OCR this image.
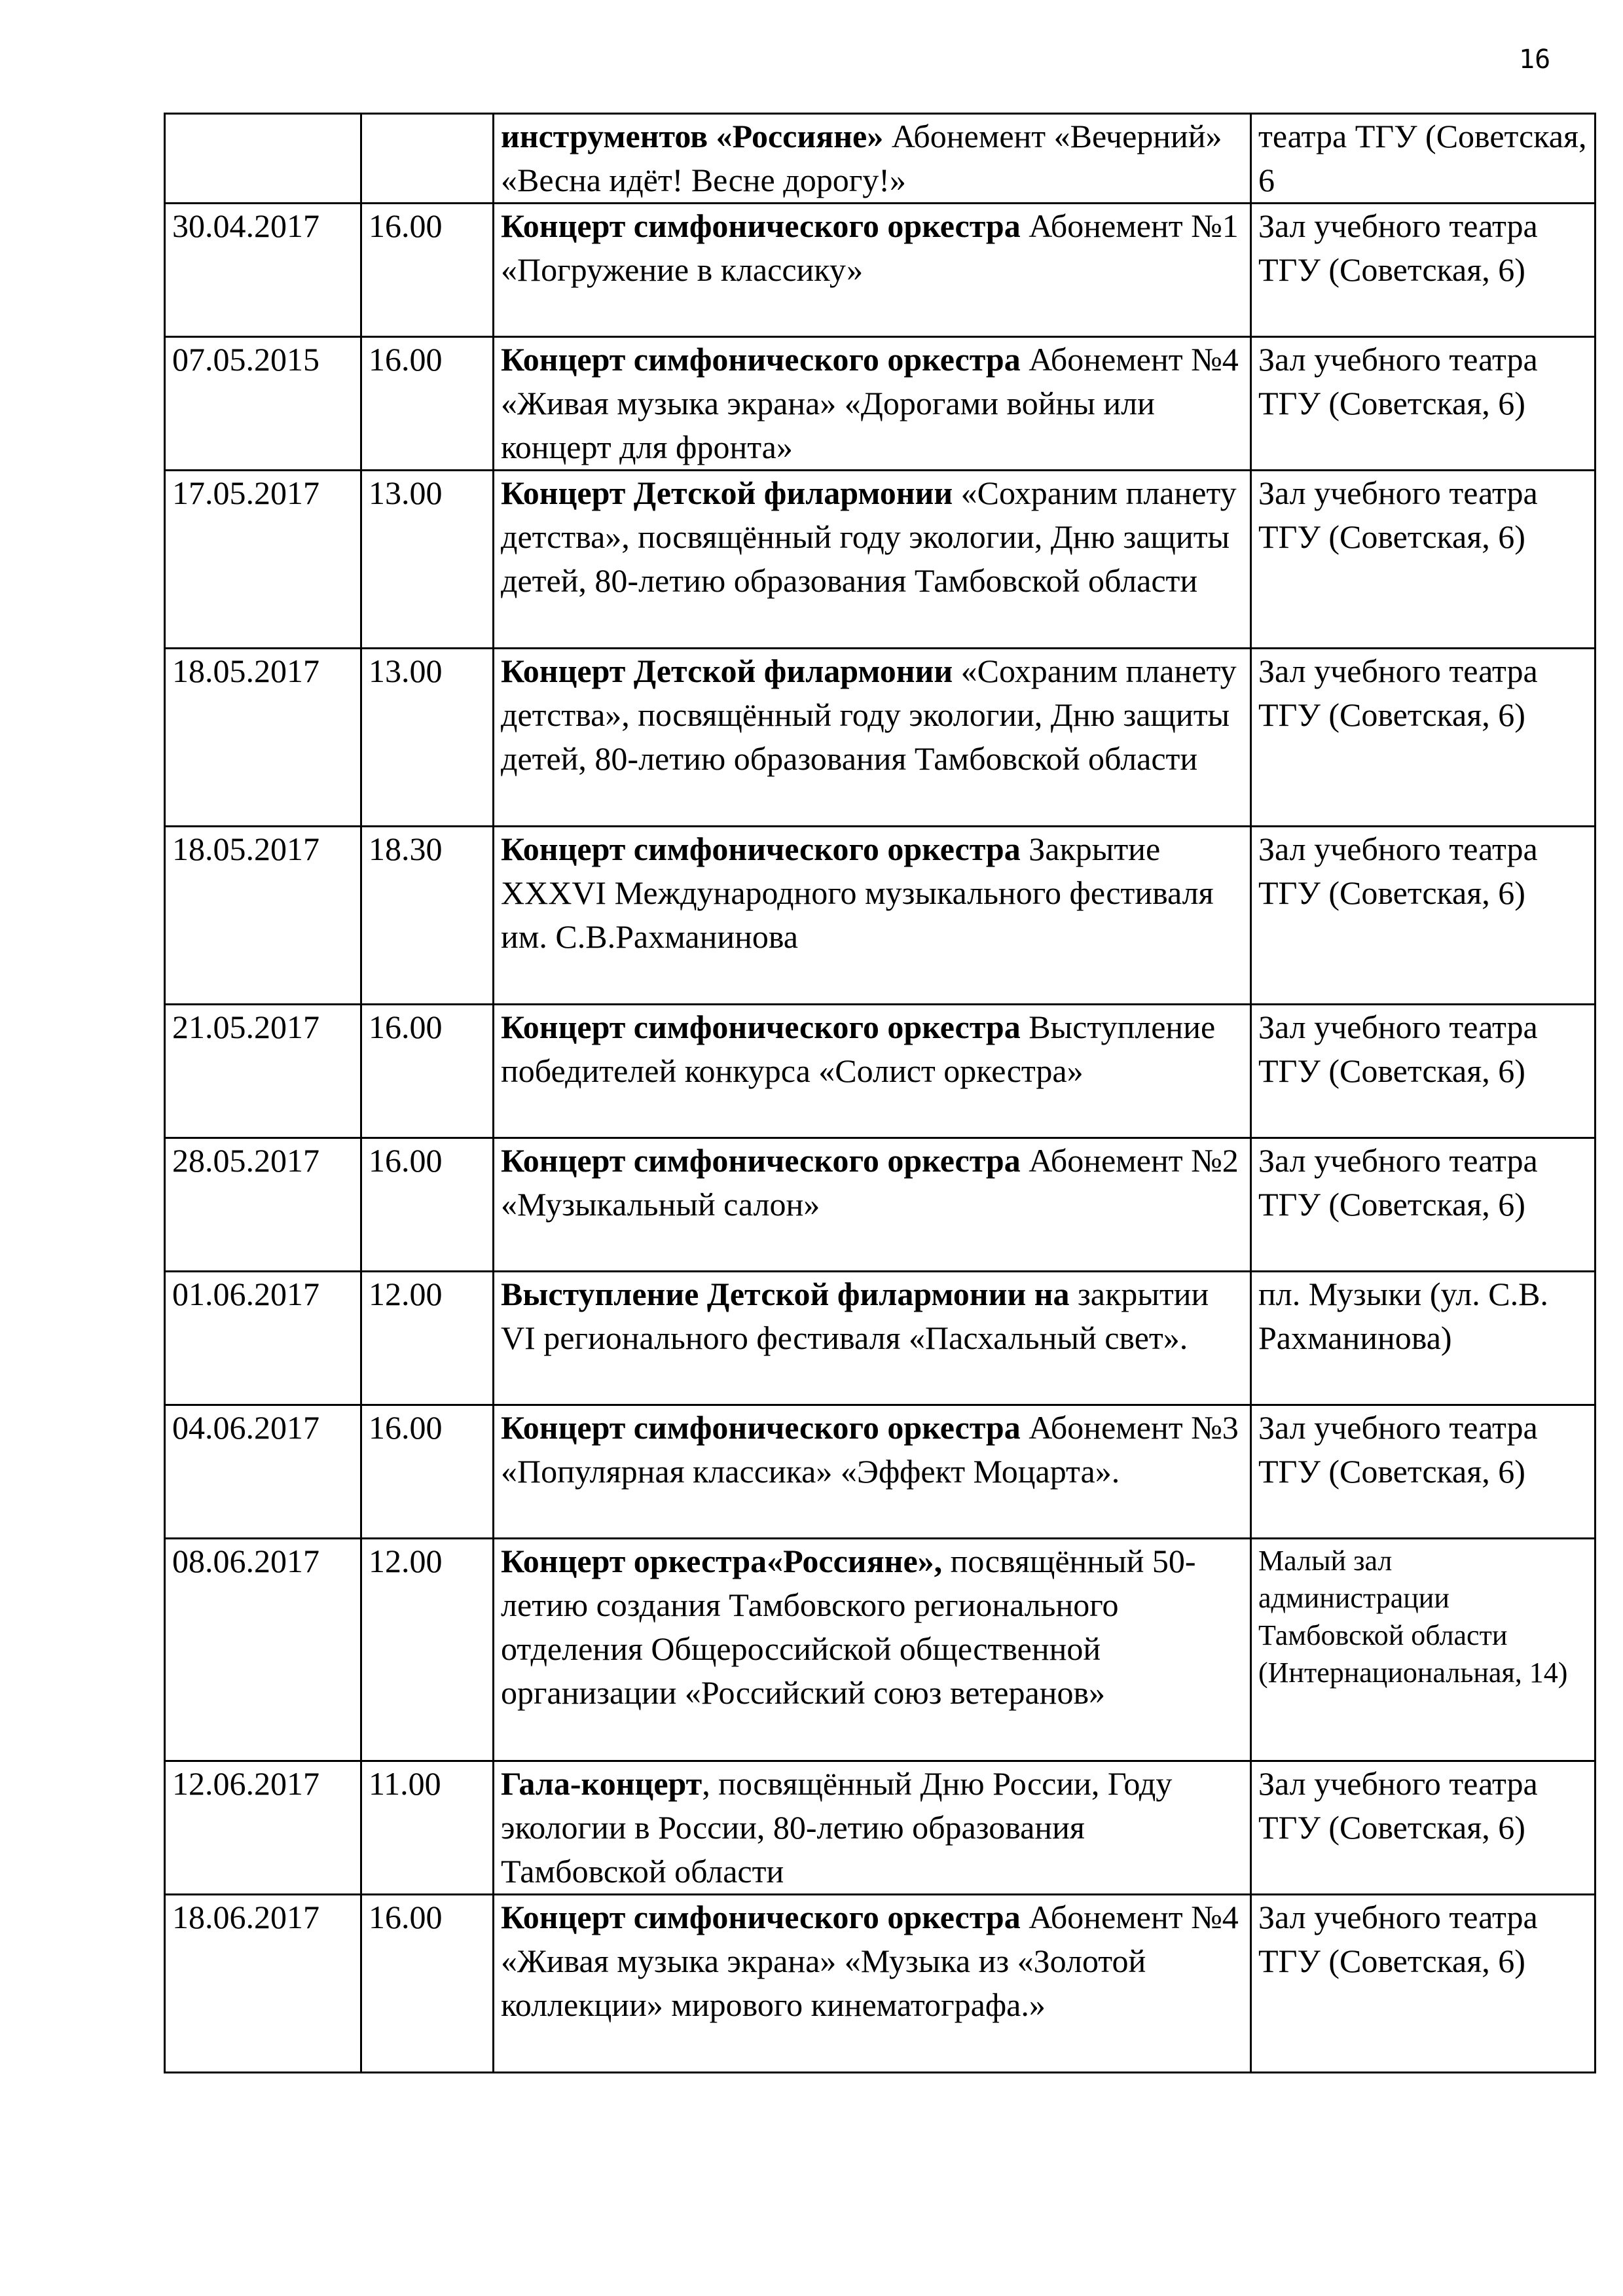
16
		инструментов «Россияне» Абонемент «Вечерний» «Весна идёт! Весне дорогу!»	театра ТГУ (Советская, 6
30.04.2017	16.00	Концерт симфонического оркестра Абонемент №1 «Погружение в классику»	Зал учебного театра ТГУ (Советская, 6)
07.05.2015	16.00	Концерт симфонического оркестра Абонемент №4 «Живая музыка экрана» «Дорогами войны или концерт для фронта»	Зал учебного театра ТГУ (Советская, 6)
17.05.2017	13.00	Концерт Детской филармонии «Сохраним планету детства», посвящённый году экологии, Дню защиты детей, 80-летию образования Тамбовской области	Зал учебного театра ТГУ (Советская, 6)
18.05.2017	13.00	Концерт Детской филармонии «Сохраним планету детства», посвящённый году экологии, Дню защиты детей, 80-летию образования Тамбовской области	Зал учебного театра ТГУ (Советская, 6)
18.05.2017	18.30	Концерт симфонического оркестра Закрытие XXXVI Международного музыкального фестиваля им. С.В.Рахманинова	Зал учебного театра ТГУ (Советская, 6)
21.05.2017	16.00	Концерт симфонического оркестра Выступление победителей конкурса «Солист оркестра»	Зал учебного театра ТГУ (Советская, 6)
28.05.2017	16.00	Концерт симфонического оркестра Абонемент №2 «Музыкальный салон»	Зал учебного театра ТГУ (Советская, 6)
01.06.2017	12.00	Выступление Детской филармонии на закрытии VI регионального фестиваля «Пасхальный свет».	пл. Музыки (ул. С.В. Рахманинова)
04.06.2017	16.00	Концерт симфонического оркестра Абонемент №3 «Популярная классика» «Эффект Моцарта».	Зал учебного театра ТГУ (Советская, 6)
08.06.2017	12.00	Концерт оркестра«Россияне», посвящённый 50-летию создания Тамбовского регионального отделения Общероссийской общественной организации «Российский союз ветеранов»	Малый зал администрации Тамбовской области (Интернациональная, 14)

12.06.2017	11.00	Гала-концерт, посвящённый Дню России, Году экологии в России, 80-летию образования Тамбовской области	Зал учебного театра ТГУ (Советская, 6)
18.06.2017	16.00	Концерт симфонического оркестра Абонемент №4 «Живая музыка экрана» «Музыка из «Золотой коллекции» мирового кинематографа.»	Зал учебного театра ТГУ (Советская, 6)
